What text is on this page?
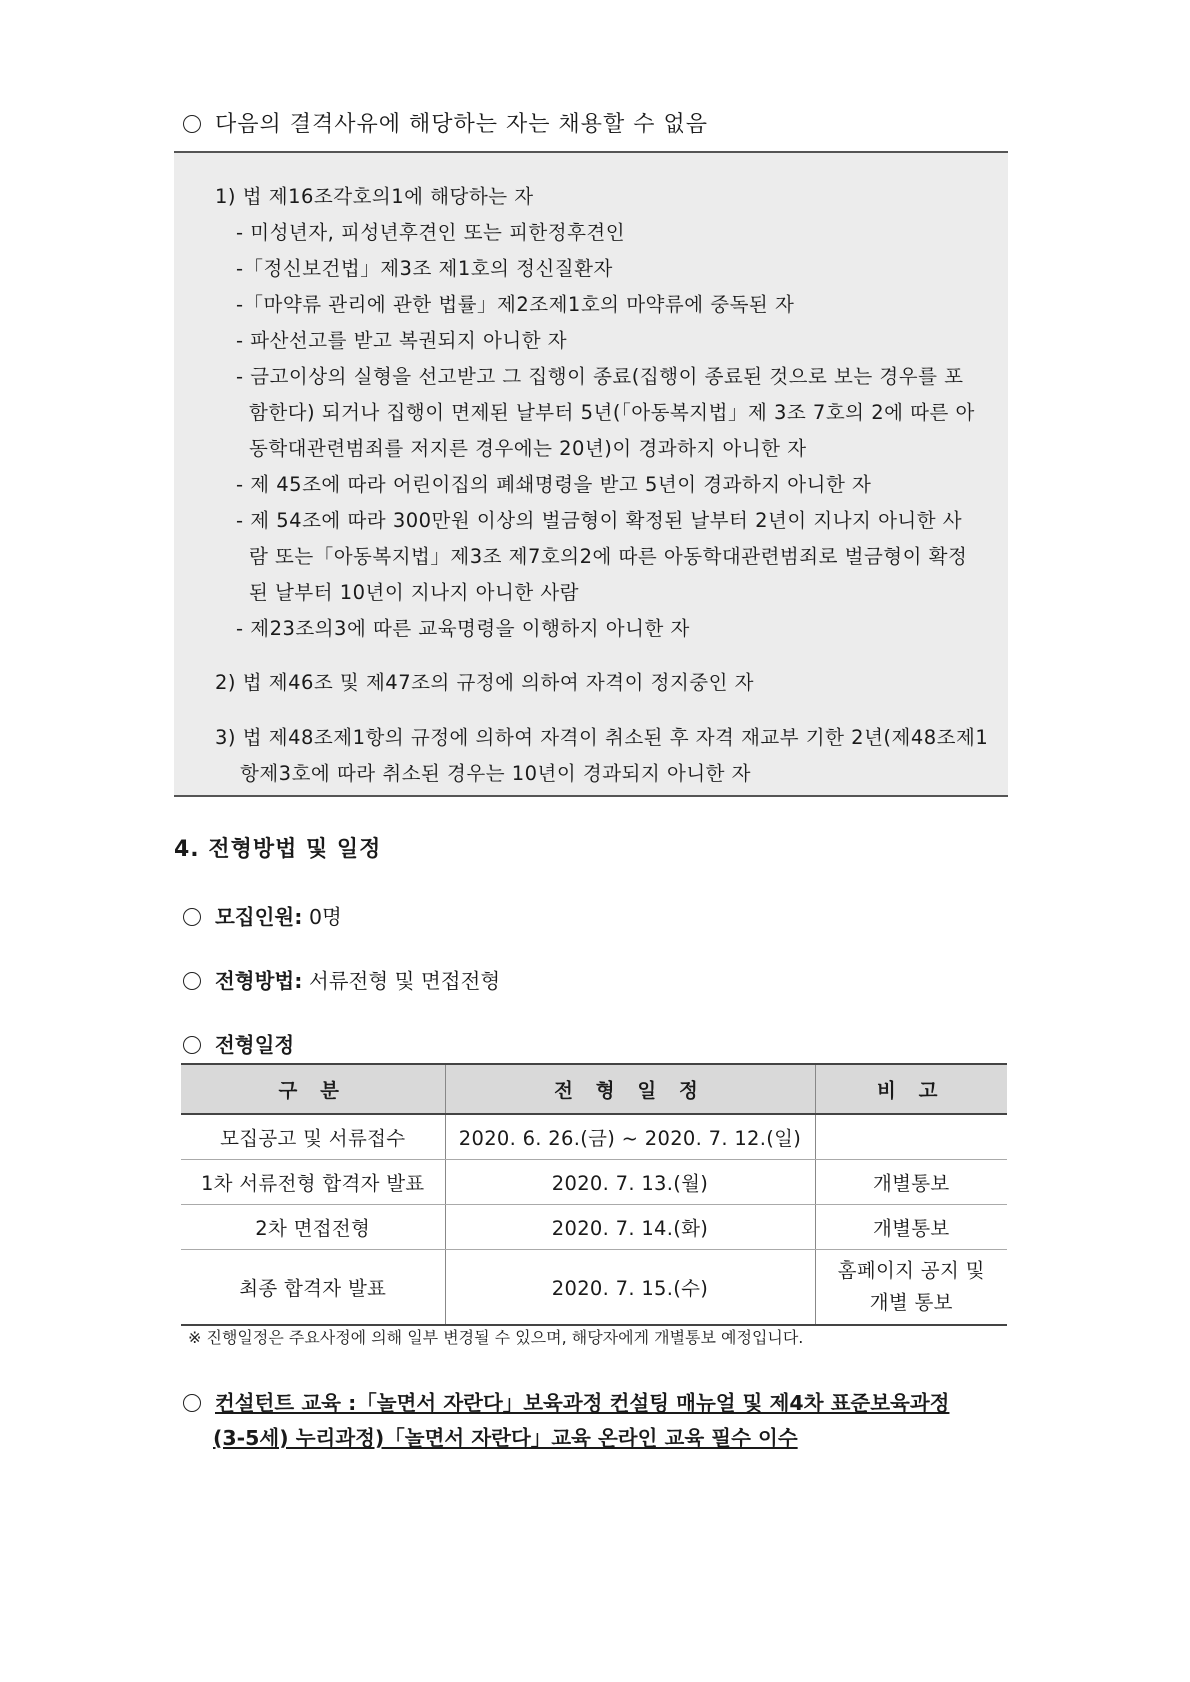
다음의 결격사유에 해당하는 자는 채용할 수 없음
1) 법 제16조각호의1에 해당하는 자
- 미성년자, 피성년후견인 또는 피한정후견인
-「정신보건법」제3조 제1호의 정신질환자
-「마약류 관리에 관한 법률」제2조제1호의 마약류에 중독된 자
- 파산선고를 받고 복권되지 아니한 자
- 금고이상의 실형을 선고받고 그 집행이 종료(집행이 종료된 것으로 보는 경우를 포
함한다) 되거나 집행이 면제된 날부터 5년(「아동복지법」제 3조 7호의 2에 따른 아
동학대관련범죄를 저지른 경우에는 20년)이 경과하지 아니한 자
- 제 45조에 따라 어린이집의 폐쇄명령을 받고 5년이 경과하지 아니한 자
- 제 54조에 따라 300만원 이상의 벌금형이 확정된 날부터 2년이 지나지 아니한 사
람 또는「아동복지법」제3조 제7호의2에 따른 아동학대관련범죄로 벌금형이 확정
된 날부터 10년이 지나지 아니한 사람
- 제23조의3에 따른 교육명령을 이행하지 아니한 자
2) 법 제46조 및 제47조의 규정에 의하여 자격이 정지중인 자
3) 법 제48조제1항의 규정에 의하여 자격이 취소된 후 자격 재교부 기한 2년(제48조제1
항제3호에 따라 취소된 경우는 10년이 경과되지 아니한 자
4. 전형방법 및 일정
모집인원: 0명
전형방법: 서류전형 및 면접전형
전형일정
구 분	전 형 일 정	비 고
모집공고 및 서류접수	2020. 6. 26.(금) ~ 2020. 7. 12.(일)	
1차 서류전형 합격자 발표	2020. 7. 13.(월)	개별통보
2차 면접전형	2020. 7. 14.(화)	개별통보
최종 합격자 발표	2020. 7. 15.(수)	홈페이지 공지 및
개별 통보
※ 진행일정은 주요사정에 의해 일부 변경될 수 있으며, 해당자에게 개별통보 예정입니다.
컨설턴트 교육 :「놀면서 자란다」보육과정 컨설팅 매뉴얼 및 제4차 표준보육과정
(3-5세) 누리과정)「놀면서 자란다」교육 온라인 교육 필수 이수
